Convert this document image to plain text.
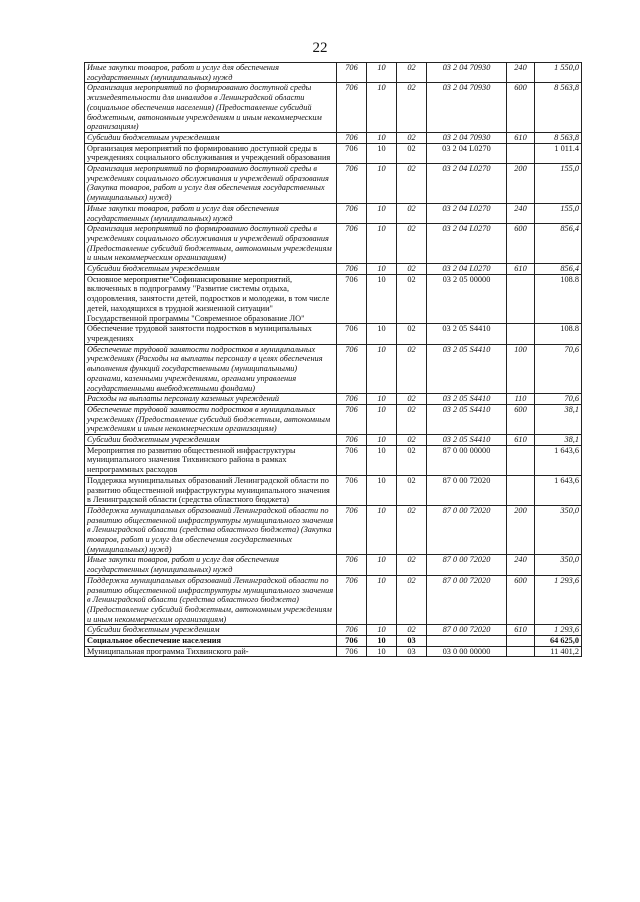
22
Иные закупки товаров, работ и услуг для обеспечения государственных (муниципальных) нужд	706	10	02	03 2 04 70930	240	1 550,0
Организация мероприятий по формированию доступной среды жизнедеятельности для инвалидов в Ленинградской области (социальное обеспечения населения) (Предоставление субсидий бюджетным, автономным учреждениям и иным некоммерческим организациям)	706	10	02	03 2 04 70930	600	8 563,8
Субсидии бюджетным учреждениям	706	10	02	03 2 04 70930	610	8 563,8
Организация мероприятий по формированию доступной среды в учреждениях социального обслуживания и учреждений образования	706	10	02	03 2 04 L0270		1 011.4
Организация мероприятий по формированию доступной среды в учреждениях социального обслуживания и учреждений образования (Закупка товаров, работ и услуг для обеспечения государственных (муниципальных) нужд)	706	10	02	03 2 04 L0270	200	155,0
Иные закупки товаров, работ и услуг для обеспечения государственных (муниципальных) нужд	706	10	02	03 2 04 L0270	240	155,0
Организация мероприятий по формированию доступной среды в учреждениях социального обслуживания и учреждений образования (Предоставление субсидий бюджетным, автономным учреждениям и иным некоммерческим организациям)	706	10	02	03 2 04 L0270	600	856,4
Субсидии бюджетным учреждениям	706	10	02	03 2 04 L0270	610	856,4
Основное мероприятие"Софинансирование мероприятий, включенных в подпрограмму "Развитие системы отдыха, оздоровления, занятости детей, подростков и молодежи, в том числе детей, находящихся в трудной жизненной ситуации" Государственной программы "Современное образование ЛО"	706	10	02	03 2 05 00000		108.8
Обеспечение трудовой занятости подростков в муниципальных учреждениях	706	10	02	03 2 05 S4410		108.8
Обеспечение трудовой занятости подростков в муниципальных учреждениях (Расходы на выплаты персоналу в целях обеспечения выполнения функций государственными (муниципальными) органами, казенными учреждениями, органами управления государственными внебюджетными фондами)	706	10	02	03 2 05 S4410	100	70,6
Расходы на выплаты персоналу казенных учреждений	706	10	02	03 2 05 S4410	110	70,6
Обеспечение трудовой занятости подростков в муниципальных учреждениях (Предоставление субсидий бюджетным, автономным учреждениям и иным некоммерческим организациям)	706	10	02	03 2 05 S4410	600	38,1
Субсидии бюджетным учреждениям	706	10	02	03 2 05 S4410	610	38,1
Мероприятия по развитию общественной инфраструктуры муниципального значения Тихвинского района в рамках непрограммных расходов	706	10	02	87 0 00 00000		1 643,6
Поддержка муниципальных образований Ленинградской области по развитию общественной инфраструктуры муниципального значения в Ленинградской области (средства областного бюджета)	706	10	02	87 0 00 72020		1 643,6
Поддержка муниципальных образований Ленинградской области по развитию общественной инфраструктуры муниципального значения в Ленинградской области (средства областного бюджета) (Закупка товаров, работ и услуг для обеспечения государственных (муниципальных) нужд)	706	10	02	87 0 00 72020	200	350,0
Иные закупки товаров, работ и услуг для обеспечения государственных (муниципальных) нужд	706	10	02	87 0 00 72020	240	350,0
Поддержка муниципальных образований Ленинградской области по развитию общественной инфраструктуры муниципального значения в Ленинградской области (средства областного бюджета) (Предоставление субсидий бюджетным, автономным учреждениям и иным некоммерческим организациям)	706	10	02	87 0 00 72020	600	1 293,6
Субсидии бюджетным учреждениям	706	10	02	87 0 00 72020	610	1 293,6
Социальное обеспечение населения	706	10	03			64 625,0
Муниципальная программа Тихвинского рай-	706	10	03	03 0 00 00000		11 401,2
